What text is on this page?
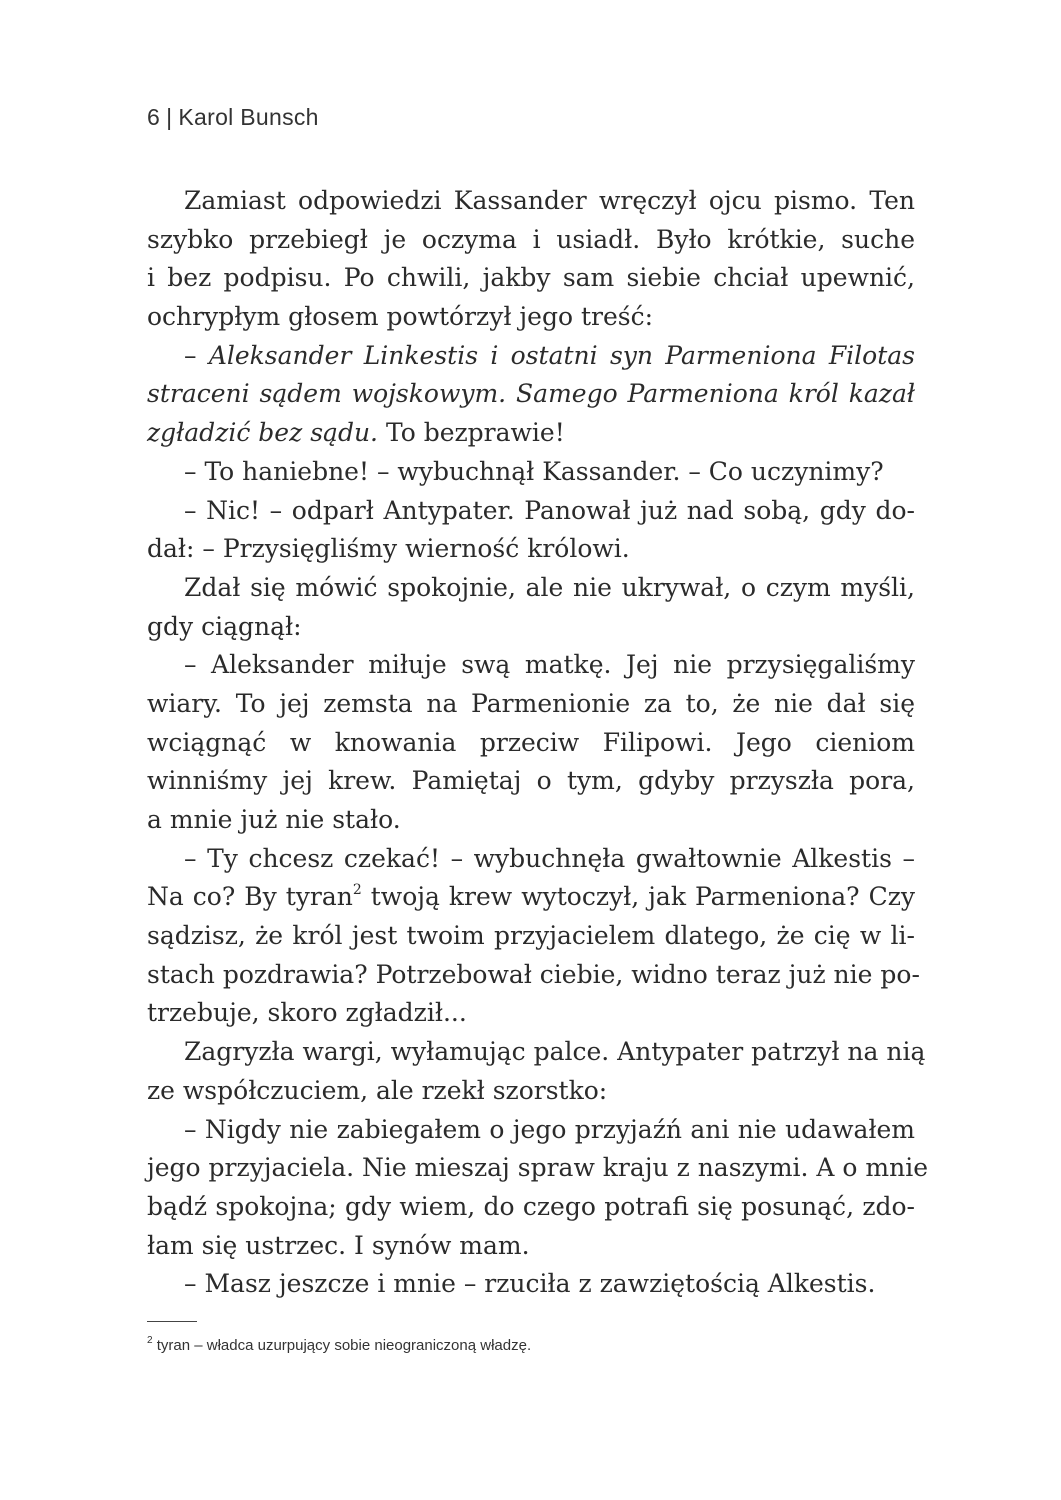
6 | Karol Bunsch
Zamiast odpowiedzi Kassander wręczył ojcu pismo. Ten
szybko przebiegł je oczyma i usiadł. Było krótkie, suche
i bez podpisu. Po chwili, jakby sam siebie chciał upewnić,
ochrypłym głosem powtórzył jego treść:
– Aleksander Linkestis i ostatni syn Parmeniona Filotas
straceni sądem wojskowym. Samego Parmeniona król kazał
zgładzić bez sądu. To bezprawie!
– To haniebne! – wybuchnął Kassander. – Co uczynimy?
– Nic! – odparł Antypater. Panował już nad sobą, gdy do-
dał: – Przysięgliśmy wierność królowi.
Zdał się mówić spokojnie, ale nie ukrywał, o czym myśli,
gdy ciągnął:
– Aleksander miłuje swą matkę. Jej nie przysięgaliśmy
wiary. To jej zemsta na Parmenionie za to, że nie dał się
wciągnąć w knowania przeciw Filipowi. Jego cieniom
winniśmy jej krew. Pamiętaj o tym, gdyby przyszła pora,
a mnie już nie stało.
– Ty chcesz czekać! – wybuchnęła gwałtownie Alkestis –
Na co? By tyran$^2$ twoją krew wytoczył, jak Parmeniona? Czy
sądzisz, że król jest twoim przyjacielem dlatego, że cię w li-
stach pozdrawia? Potrzebował ciebie, widno teraz już nie po-
trzebuje, skoro zgładził...
Zagryzła wargi, wyłamując palce. Antypater patrzył na nią
ze współczuciem, ale rzekł szorstko:
– Nigdy nie zabiegałem o jego przyjaźń ani nie udawałem
jego przyjaciela. Nie mieszaj spraw kraju z naszymi. A o mnie
bądź spokojna; gdy wiem, do czego potrafi się posunąć, zdo-
łam się ustrzec. I synów mam.
– Masz jeszcze i mnie – rzuciła z zawziętością Alkestis.
$^2$ tyran – władca uzurpujący sobie nieograniczoną władzę.
